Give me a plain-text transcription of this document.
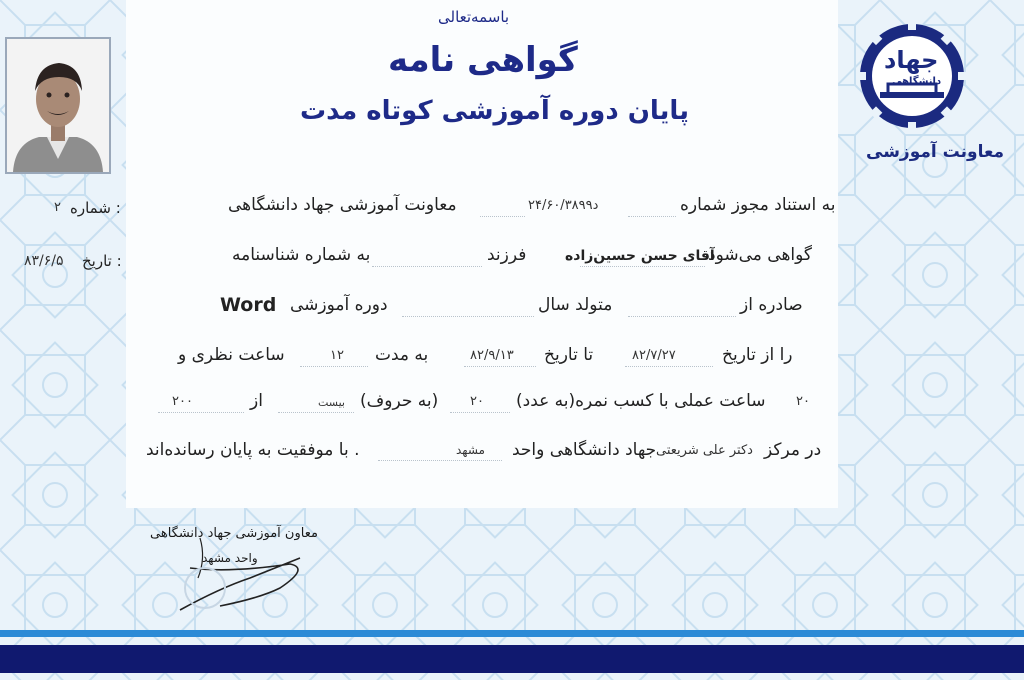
باسمه‌تعالی
گواهی نامه
پایان دوره آموزشی کوتاه مدت
جهاد
دانشگاهی
معاونت آموزشی
شماره :
۲
تاریخ :
۸۳/۶/۵
به استناد مجوز شماره
۲۴/۶۰/۳۸۹۹د
معاونت آموزشی جهاد دانشگاهی
گواهی می‌شود
آقای حسن حسین‌زاده
فرزند
به شماره شناسنامه
صادره از
متولد سال
دوره آموزشی
Word
را از تاریخ
۸۲/۷/۲۷
تا تاریخ
۸۲/۹/۱۳
به مدت
۱۲
ساعت نظری و
۲۰
ساعت عملی با کسب نمره(به عدد)
۲۰
(به حروف)
بیست
از
۲۰۰
در مرکز
دکتر علی شریعتی
جهاد دانشگاهی واحد
مشهد
با موفقیت به پایان رسانده‌اند .
معاون آموزشی جهاد دانشگاهی
واحد مشهد
